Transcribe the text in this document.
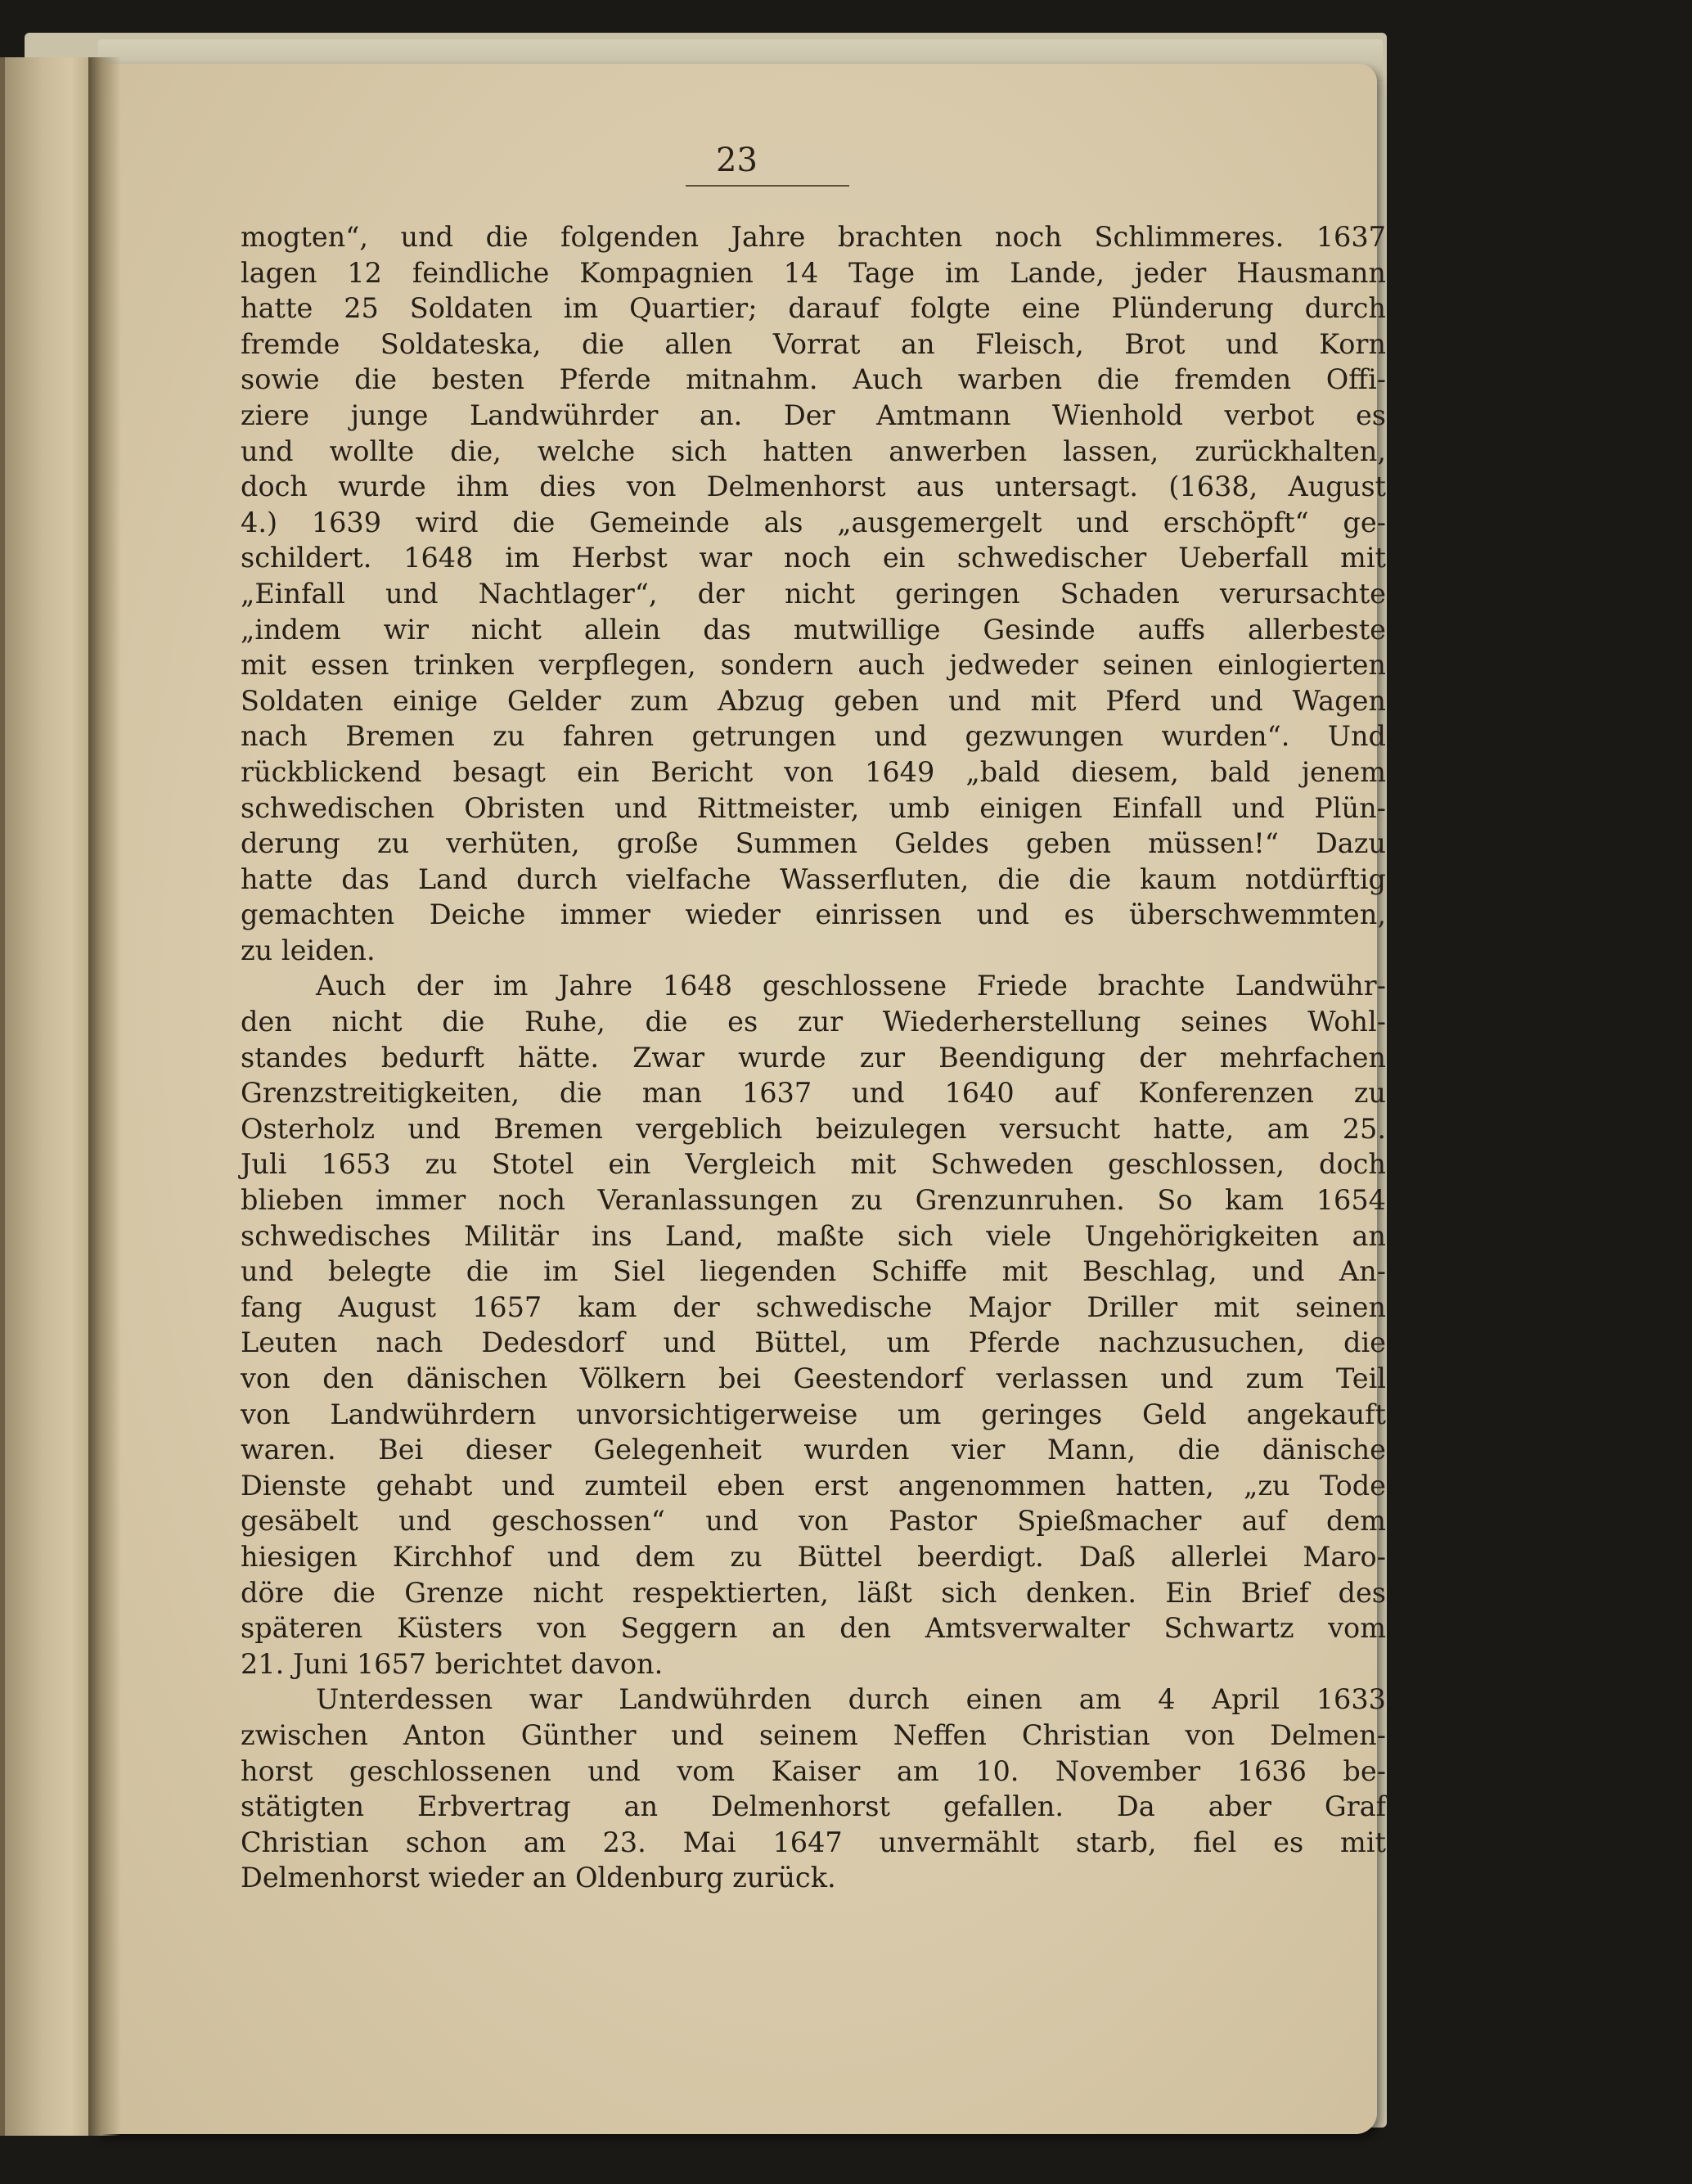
23
mogten“, und die folgenden Jahre brachten noch Schlimmeres. 1637
lagen 12 feindliche Kompagnien 14 Tage im Lande, jeder Hausmann
hatte 25 Soldaten im Quartier; darauf folgte eine Plünderung durch
fremde Soldateska, die allen Vorrat an Fleisch, Brot und Korn
sowie die besten Pferde mitnahm. Auch warben die fremden Offi-
ziere junge Landwührder an. Der Amtmann Wienhold verbot es
und wollte die, welche sich hatten anwerben lassen, zurückhalten,
doch wurde ihm dies von Delmenhorst aus untersagt. (1638, August
4.) 1639 wird die Gemeinde als „ausgemergelt und erschöpft“ ge-
schildert. 1648 im Herbst war noch ein schwedischer Ueberfall mit
„Einfall und Nachtlager“, der nicht geringen Schaden verursachte
„indem wir nicht allein das mutwillige Gesinde auffs allerbeste
mit essen trinken verpflegen, sondern auch jedweder seinen einlogierten
Soldaten einige Gelder zum Abzug geben und mit Pferd und Wagen
nach Bremen zu fahren getrungen und gezwungen wurden“. Und
rückblickend besagt ein Bericht von 1649 „bald diesem, bald jenem
schwedischen Obristen und Rittmeister, umb einigen Einfall und Plün-
derung zu verhüten, große Summen Geldes geben müssen!“ Dazu
hatte das Land durch vielfache Wasserfluten, die die kaum notdürftig
gemachten Deiche immer wieder einrissen und es überschwemmten,
zu leiden.
Auch der im Jahre 1648 geschlossene Friede brachte Landwühr-
den nicht die Ruhe, die es zur Wiederherstellung seines Wohl-
standes bedurft hätte. Zwar wurde zur Beendigung der mehrfachen
Grenzstreitigkeiten, die man 1637 und 1640 auf Konferenzen zu
Osterholz und Bremen vergeblich beizulegen versucht hatte, am 25.
Juli 1653 zu Stotel ein Vergleich mit Schweden geschlossen, doch
blieben immer noch Veranlassungen zu Grenzunruhen. So kam 1654
schwedisches Militär ins Land, maßte sich viele Ungehörigkeiten an
und belegte die im Siel liegenden Schiffe mit Beschlag, und An-
fang August 1657 kam der schwedische Major Driller mit seinen
Leuten nach Dedesdorf und Büttel, um Pferde nachzusuchen, die
von den dänischen Völkern bei Geestendorf verlassen und zum Teil
von Landwührdern unvorsichtigerweise um geringes Geld angekauft
waren. Bei dieser Gelegenheit wurden vier Mann, die dänische
Dienste gehabt und zumteil eben erst angenommen hatten, „zu Tode
gesäbelt und geschossen“ und von Pastor Spießmacher auf dem
hiesigen Kirchhof und dem zu Büttel beerdigt. Daß allerlei Maro-
döre die Grenze nicht respektierten, läßt sich denken. Ein Brief des
späteren Küsters von Seggern an den Amtsverwalter Schwartz vom
21. Juni 1657 berichtet davon.
Unterdessen war Landwührden durch einen am 4 April 1633
zwischen Anton Günther und seinem Neffen Christian von Delmen-
horst geschlossenen und vom Kaiser am 10. November 1636 be-
stätigten Erbvertrag an Delmenhorst gefallen. Da aber Graf
Christian schon am 23. Mai 1647 unvermählt starb, fiel es mit
Delmenhorst wieder an Oldenburg zurück.
